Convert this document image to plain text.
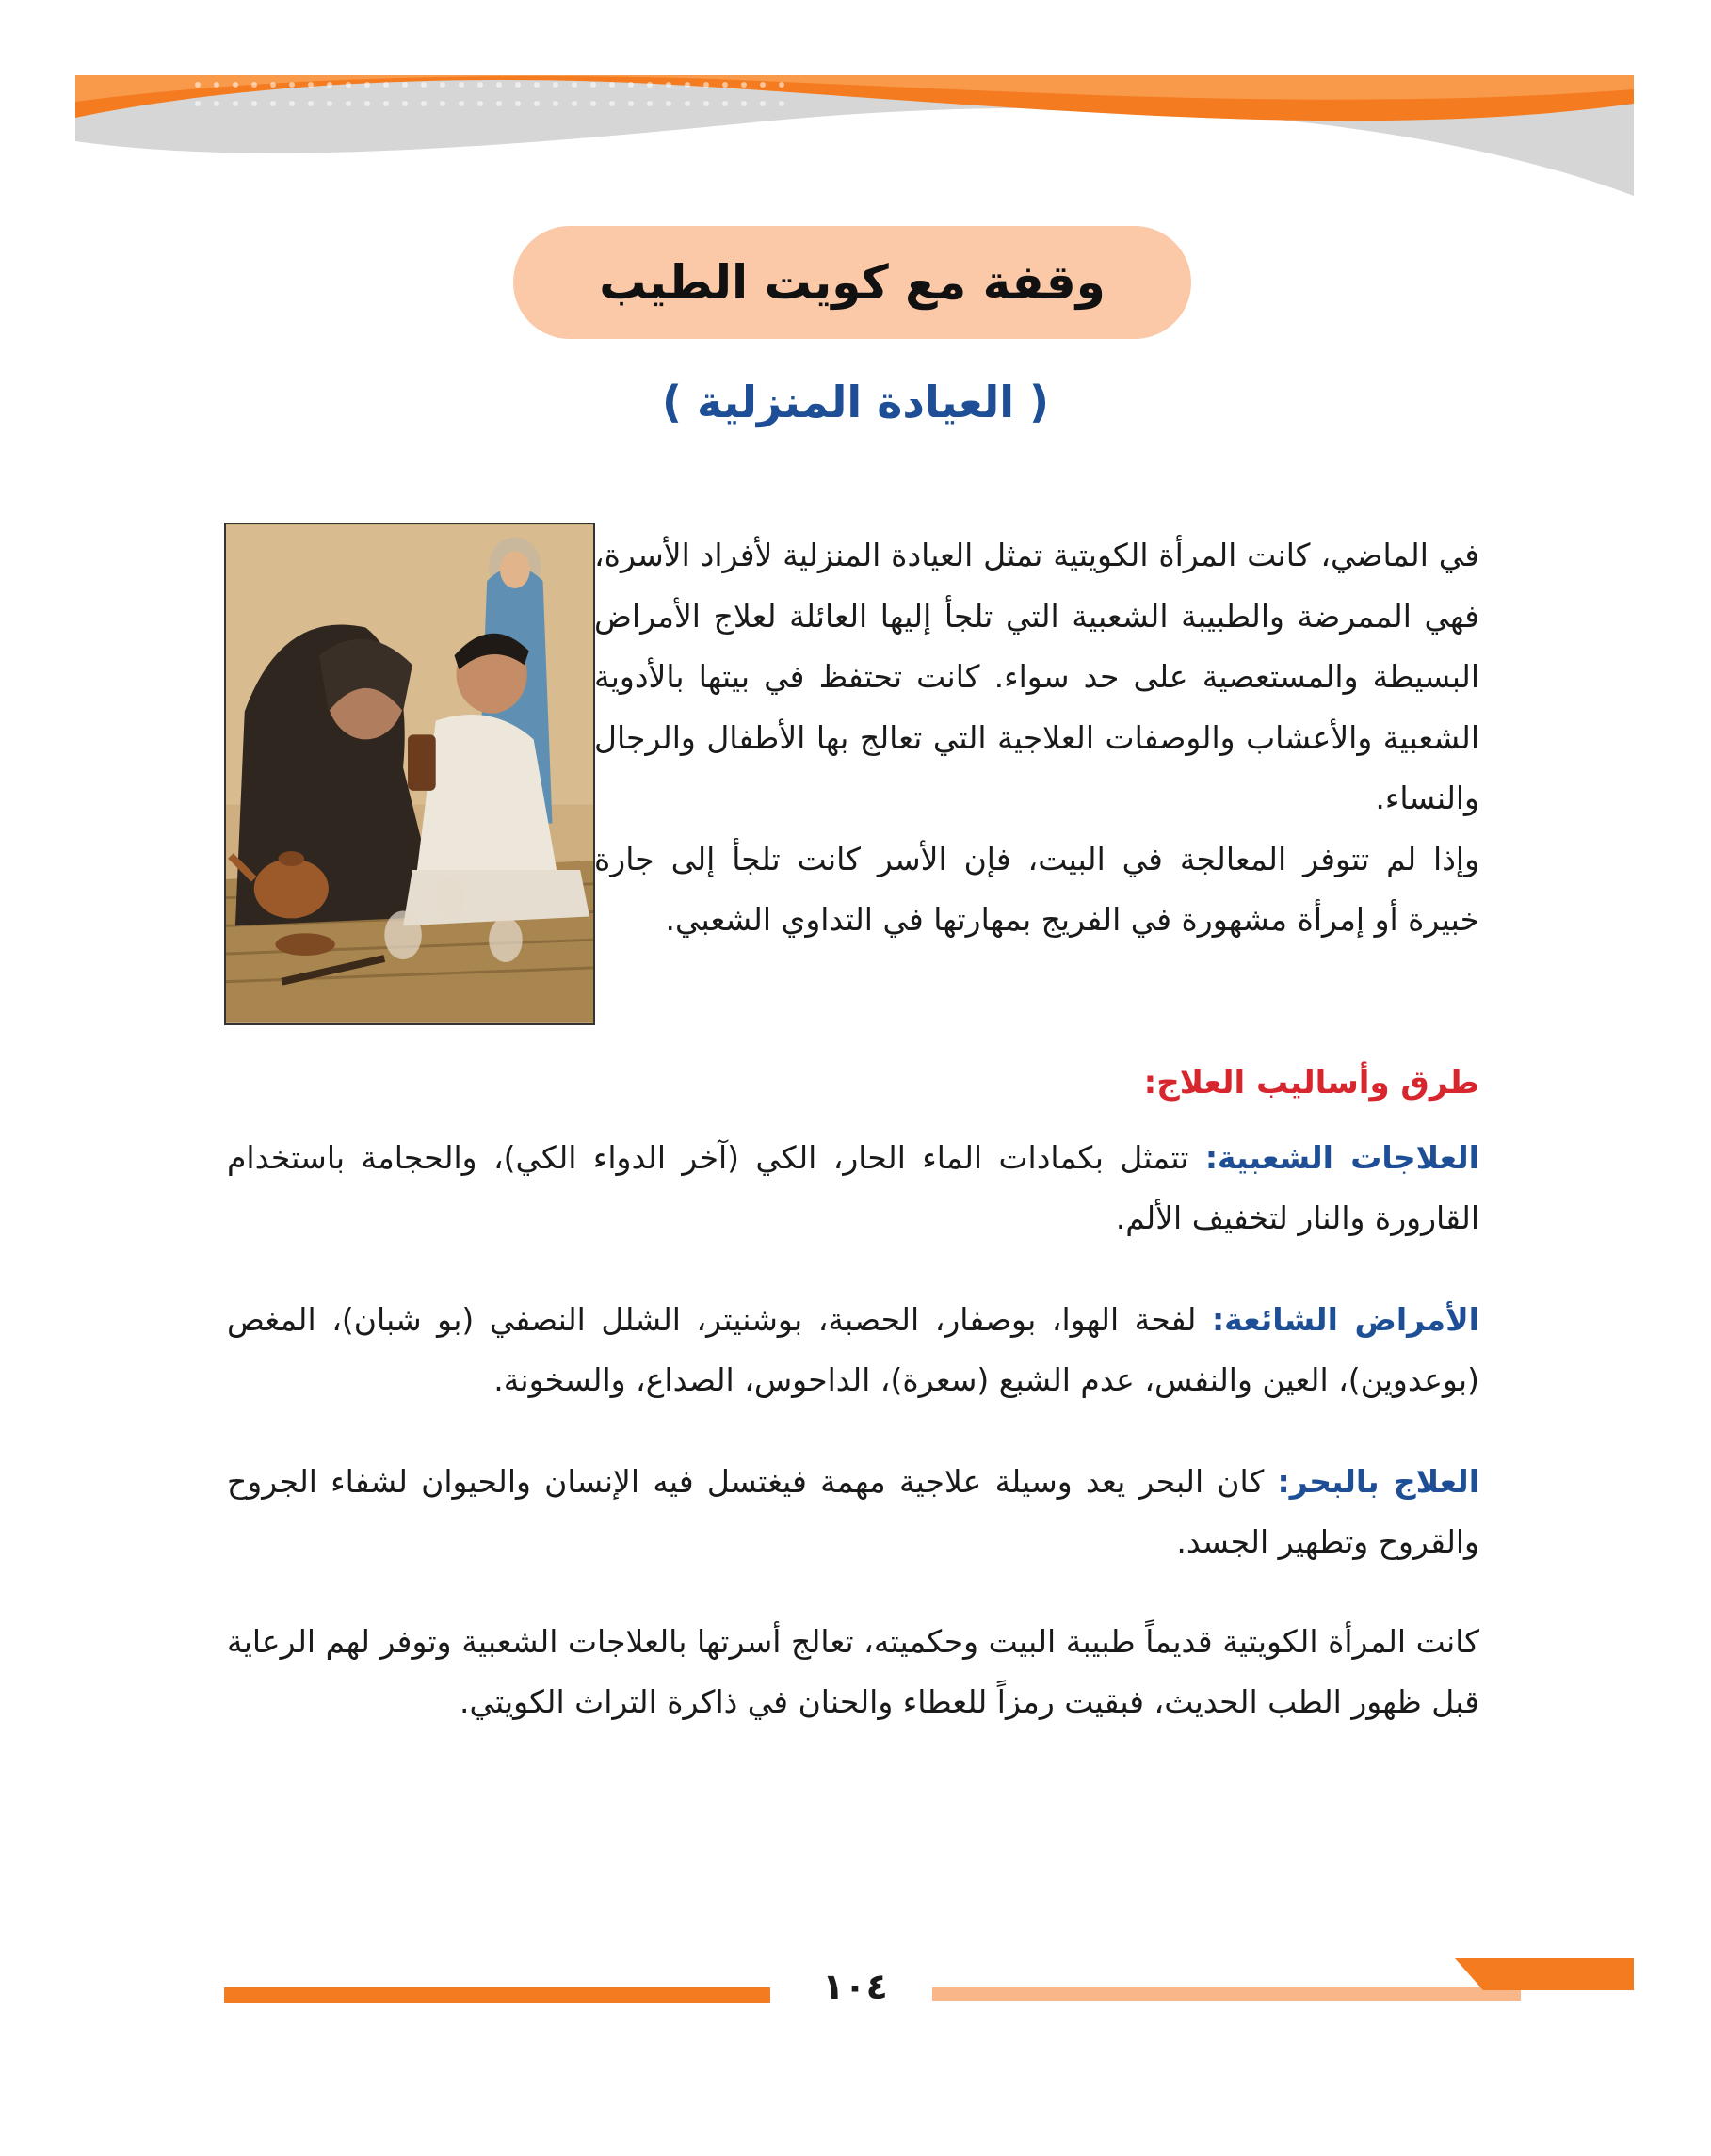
وقفة مع كويت الطيب
( العيادة المنزلية )

في الماضي، كانت المرأة الكويتية تمثل العيادة المنزلية لأفراد الأسرة، فهي الممرضة والطبيبة الشعبية التي تلجأ إليها العائلة لعلاج الأمراض البسيطة والمستعصية على حد سواء. كانت تحتفظ في بيتها بالأدوية الشعبية والأعشاب والوصفات العلاجية التي تعالج بها الأطفال والرجال والنساء.

وإذا لم تتوفر المعالجة في البيت، فإن الأسر كانت تلجأ إلى جارة خبيرة أو إمرأة مشهورة في الفريج بمهارتها في التداوي الشعبي.

طرق وأساليب العلاج:
العلاجات الشعبية: تتمثل بكمادات الماء الحار، الكي (آخر الدواء الكي)، والحجامة باستخدام القارورة والنار لتخفيف الألم.
الأمراض الشائعة: لفحة الهوا، بوصفار، الحصبة، بوشنيتر، الشلل النصفي (بو شبان)، المغص (بوعدوين)، العين والنفس، عدم الشبع (سعرة)، الداحوس، الصداع، والسخونة.
العلاج بالبحر: كان البحر يعد وسيلة علاجية مهمة فيغتسل فيه الإنسان والحيوان لشفاء الجروح والقروح وتطهير الجسد.
كانت المرأة الكويتية قديماً طبيبة البيت وحكميته، تعالج أسرتها بالعلاجات الشعبية وتوفر لهم الرعاية قبل ظهور الطب الحديث، فبقيت رمزاً للعطاء والحنان في ذاكرة التراث الكويتي.
١٠٤
